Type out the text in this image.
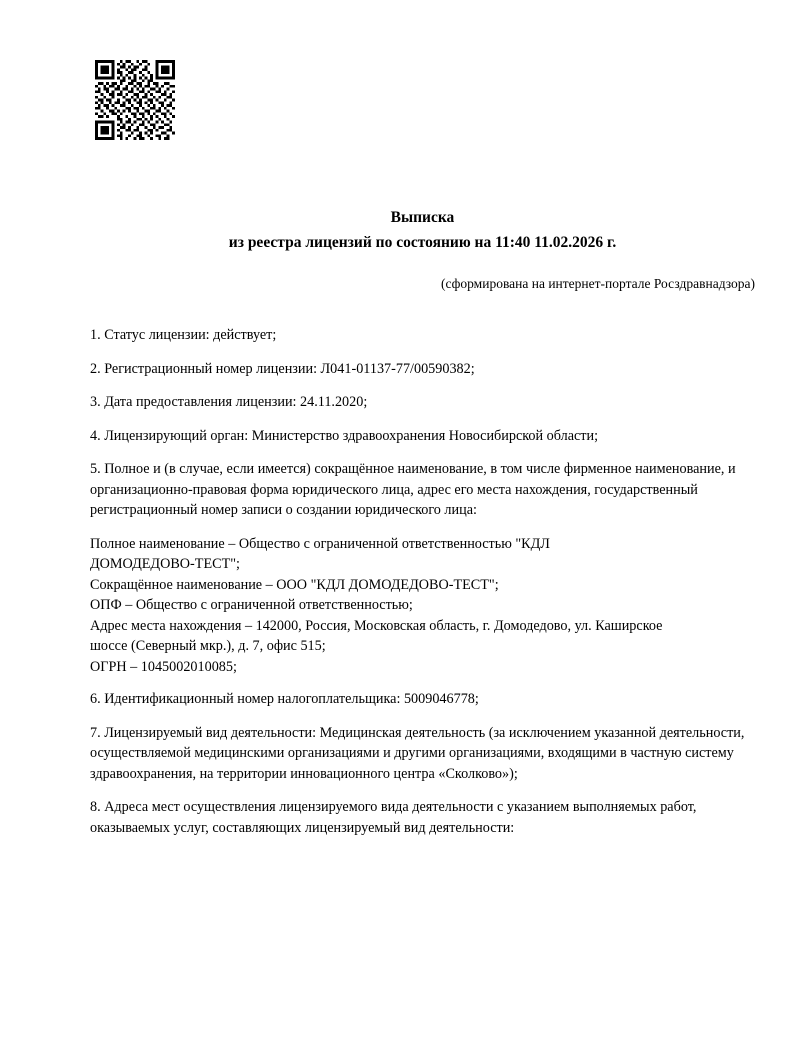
Выписка
из реестра лицензий по состоянию на 11:40 11.02.2026 г.
(сформирована на интернет-портале Росздравнадзора)

1. Статус лицензии: действует;

2. Регистрационный номер лицензии: Л041-01137-77/00590382;

3. Дата предоставления лицензии: 24.11.2020;

4. Лицензирующий орган: Министерство здравоохранения Новосибирской области;

5. Полное и (в случае, если имеется) сокращённое наименование, в том числе фирменное наименование, и организационно-правовая форма юридического лица, адрес его места нахождения, государственный регистрационный номер записи о создании юридического лица:

Полное наименование – Общество с ограниченной ответственностью "КДЛ
ДОМОДЕДОВО-ТЕСТ";
Сокращённое наименование – ООО "КДЛ ДОМОДЕДОВО-ТЕСТ";
ОПФ – Общество с ограниченной ответственностью;
Адрес места нахождения – 142000, Россия, Московская область, г. Домодедово, ул. Каширское
шоссе (Северный мкр.), д. 7, офис 515;
ОГРН – 1045002010085;

6. Идентификационный номер налогоплательщика: 5009046778;

7. Лицензируемый вид деятельности: Медицинская деятельность (за исключением указанной деятельности, осуществляемой медицинскими организациями и другими организациями, входящими в частную систему здравоохранения, на территории инновационного центра «Сколково»);

8. Адреса мест осуществления лицензируемого вида деятельности с указанием выполняемых работ, оказываемых услуг, составляющих лицензируемый вид деятельности:
